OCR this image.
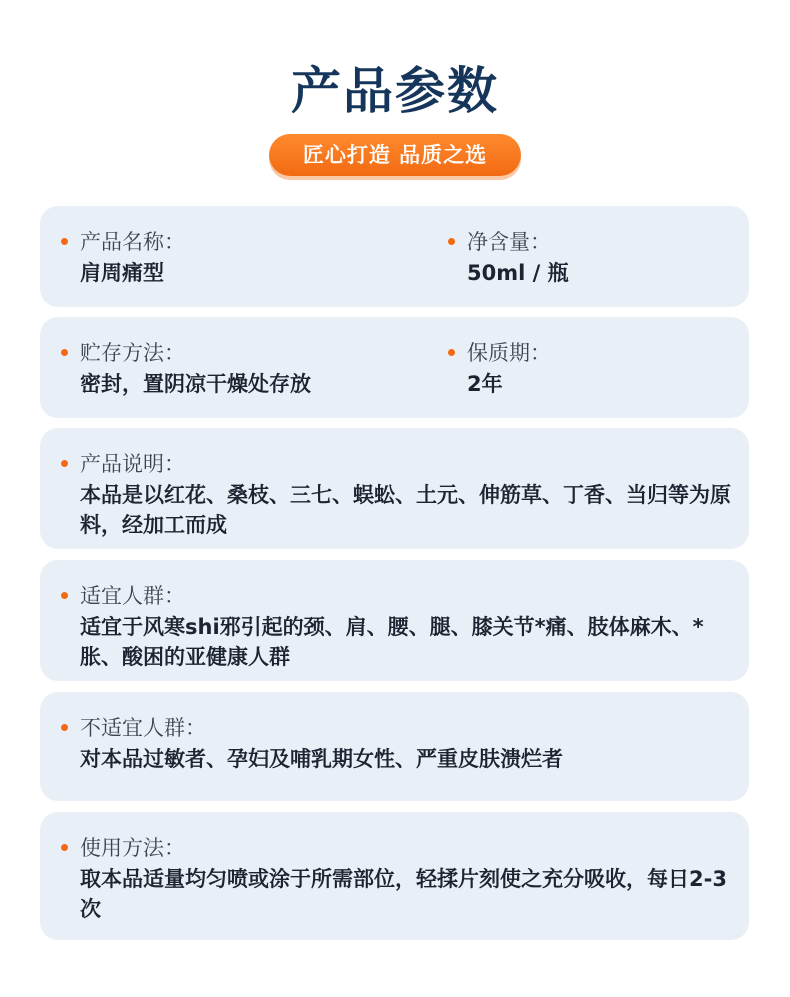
产品参数
匠心打造 品质之选
产品名称：
肩周痛型
净含量：
50ml / 瓶
贮存方法：
密封，置阴凉干燥处存放
保质期：
2年
产品说明：
本品是以红花、桑枝、三七、蜈蚣、土元、伸筋草、丁香、当归等为原料，经加工而成
适宜人群：
适宜于风寒shi邪引起的颈、肩、腰、腿、膝关节*痛、肢体麻木、*胀、酸困的亚健康人群
不适宜人群：
对本品过敏者、孕妇及哺乳期女性、严重皮肤溃烂者
使用方法：
取本品适量均匀喷或涂于所需部位，轻揉片刻使之充分吸收，每日2-3次
